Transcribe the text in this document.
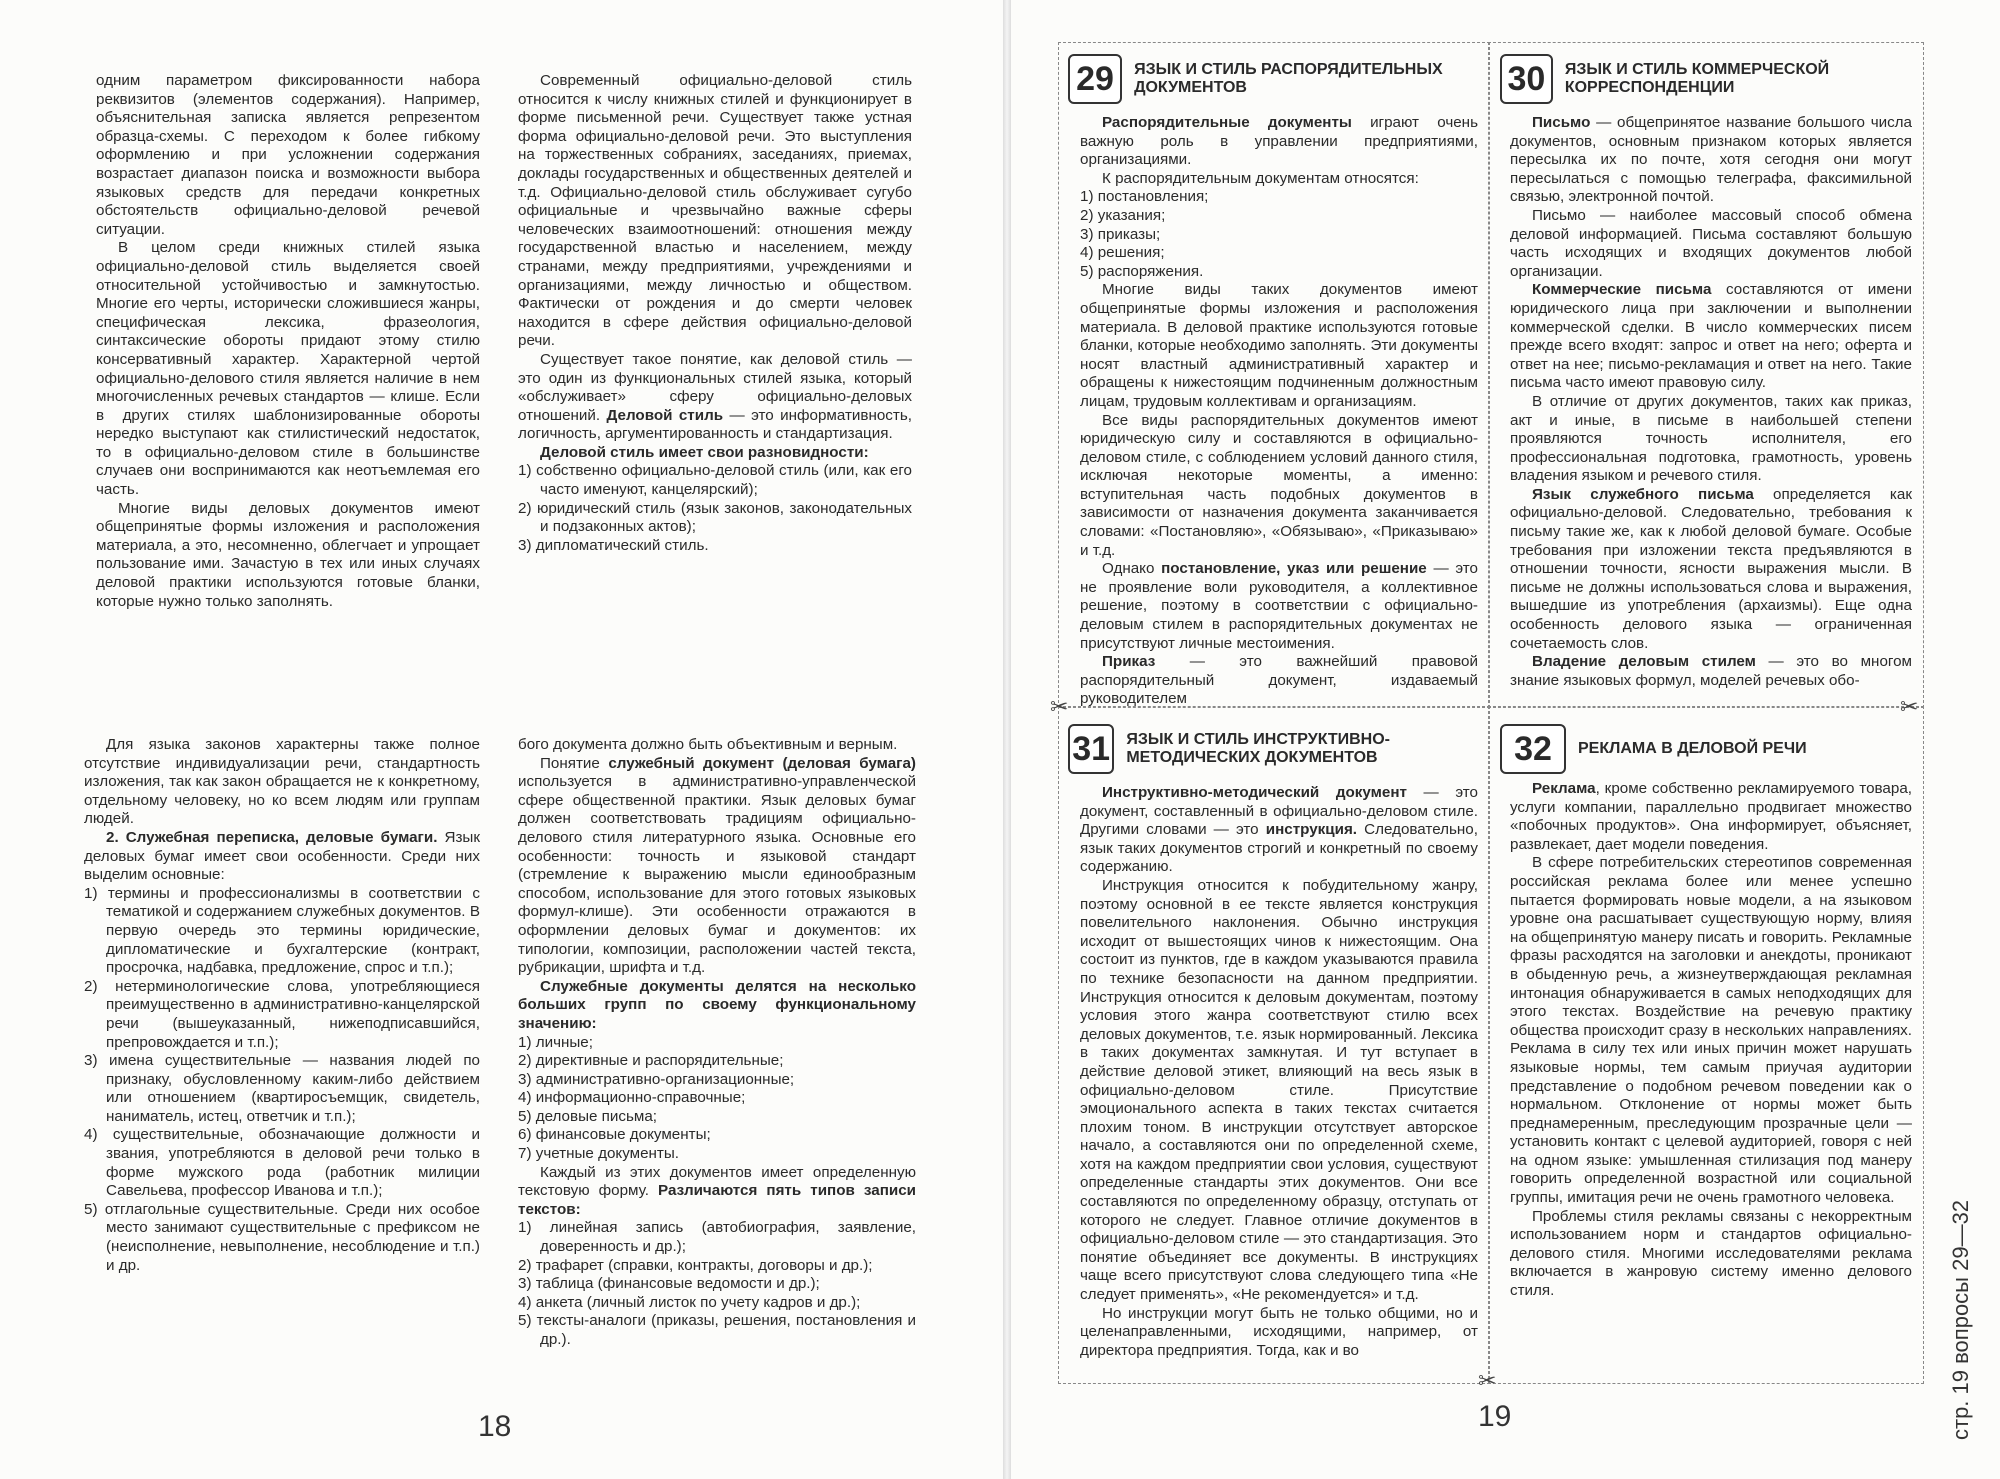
одним параметром фиксированности набора реквизитов (элементов содержания). Например, объяснительная записка является репрезентом образца-схемы. С переходом к более гибкому оформлению и при усложнении содержания возрастает диапазон поиска и возможности выбора языковых средств для передачи конкретных обстоятельств официально-деловой речевой ситуации.

В целом среди книжных стилей языка официально-деловой стиль выделяется своей относительной устойчивостью и замкнутостью. Многие его черты, исторически сложившиеся жанры, специфическая лексика, фразеология, синтаксические обороты придают этому стилю консервативный характер. Характерной чертой официально-делового стиля является наличие в нем многочисленных речевых стандартов — клише. Если в других стилях шаблонизированные обороты нередко выступают как стилистический недостаток, то в официально-деловом стиле в большинстве случаев они воспринимаются как неотъемлемая его часть.

Многие виды деловых документов имеют общепринятые формы изложения и расположения материала, а это, несомненно, облегчает и упрощает пользование ими. Зачастую в тех или иных случаях деловой практики используются готовые бланки, которые нужно только заполнять.

Современный официально-деловой стиль относится к числу книжных стилей и функционирует в форме письменной речи. Существует также устная форма официально-деловой речи. Это выступления на торжественных собраниях, заседаниях, приемах, доклады государственных и общественных деятелей и т.д. Официально-деловой стиль обслуживает сугубо официальные и чрезвычайно важные сферы человеческих взаимоотношений: отношения между государственной властью и населением, между странами, между предприятиями, учреждениями и организациями, между личностью и обществом. Фактически от рождения и до смерти человек находится в сфере действия официально-деловой речи.

Существует такое понятие, как деловой стиль — это один из функциональных стилей языка, который «обслуживает» сферу официально-деловых отношений. Деловой стиль — это информативность, логичность, аргументированность и стандартизация.

Деловой стиль имеет свои разновидности:

1) собственно официально-деловой стиль (или, как его часто именуют, канцелярский);
2) юридический стиль (язык законов, законодательных и подзаконных актов);
3) дипломатический стиль.

Для языка законов характерны также полное отсутствие индивидуализации речи, стандартность изложения, так как закон обращается не к конкретному, отдельному человеку, но ко всем людям или группам людей.

2. Служебная переписка, деловые бумаги. Язык деловых бумаг имеет свои особенности. Среди них выделим основные:

1) термины и профессионализмы в соответствии с тематикой и содержанием служебных документов. В первую очередь это термины юридические, дипломатические и бухгалтерские (контракт, просрочка, надбавка, предложение, спрос и т.п.);
2) нетерминологические слова, употребляющиеся преимущественно в административно-канцелярской речи (вышеуказанный, нижеподписавшийся, препровождается и т.п.);
3) имена существительные — названия людей по признаку, обусловленному каким-либо действием или отношением (квартиросъемщик, свидетель, наниматель, истец, ответчик и т.п.);
4) существительные, обозначающие должности и звания, употребляются в деловой речи только в форме мужского рода (работник милиции Савельева, профессор Иванова и т.п.);
5) отглагольные существительные. Среди них особое место занимают существительные с префиксом не (неисполнение, невыполнение, несоблюдение и т.п.) и др.

бого документа должно быть объективным и верным.

Понятие служебный документ (деловая бумага) используется в административно-управленческой сфере общественной практики. Язык деловых бумаг должен соответствовать традициям официально-делового стиля литературного языка. Основные его особенности: точность и языковой стандарт (стремление к выражению мысли единообразным способом, использование для этого готовых языковых формул-клише). Эти особенности отражаются в оформлении деловых бумаг и документов: их типологии, композиции, расположении частей текста, рубрикации, шрифта и т.д.

Служебные документы делятся на несколько больших групп по своему функциональному значению:

1) личные;
2) директивные и распорядительные;
3) административно-организационные;
4) информационно-справочные;
5) деловые письма;
6) финансовые документы;
7) учетные документы.

Каждый из этих документов имеет определенную текстовую форму. Различаются пять типов записи текстов:

1) линейная запись (автобиография, заявление, доверенность и др.);
2) трафарет (справки, контракты, договоры и др.);
3) таблица (финансовые ведомости и др.);
4) анкета (личный листок по учету кадров и др.);
5) тексты-аналоги (приказы, решения, постановления и др.).
18
29	ЯЗЫК И СТИЛЬ РАСПОРЯДИТЕЛЬНЫХ ДОКУМЕНТОВ

Распорядительные документы играют очень важную роль в управлении предприятиями, организациями.

К распорядительным документам относятся:

1) постановления;
2) указания;
3) приказы;
4) решения;
5) распоряжения.

Многие виды таких документов имеют общепринятые формы изложения и расположения материала. В деловой практике используются готовые бланки, которые необходимо заполнять. Эти документы носят властный административный характер и обращены к нижестоящим подчиненным должностным лицам, трудовым коллективам и организациям.

Все виды распорядительных документов имеют юридическую силу и составляются в официально-деловом стиле, с соблюдением условий данного стиля, исключая некоторые моменты, а именно: вступительная часть подобных документов в зависимости от назначения документа заканчивается словами: «Постановляю», «Обязываю», «Приказываю» и т.д.

Однако постановление, указ или решение — это не проявление воли руководителя, а коллективное решение, поэтому в соответствии с официально-деловым стилем в распорядительных документах не присутствуют личные местоимения.

Приказ — это важнейший правовой распорядительный документ, издаваемый руководителем

30	ЯЗЫК И СТИЛЬ КОММЕРЧЕСКОЙ КОРРЕСПОНДЕНЦИИ

Письмо — общепринятое название большого числа документов, основным признаком которых является пересылка их по почте, хотя сегодня они могут пересылаться с помощью телеграфа, факсимильной связью, электронной почтой.

Письмо — наиболее массовый способ обмена деловой информацией. Письма составляют большую часть исходящих и входящих документов любой организации.

Коммерческие письма составляются от имени юридического лица при заключении и выполнении коммерческой сделки. В число коммерческих писем прежде всего входят: запрос и ответ на него; оферта и ответ на нее; письмо-рекламация и ответ на него. Такие письма часто имеют правовую силу.

В отличие от других документов, таких как приказ, акт и иные, в письме в наибольшей степени проявляются точность исполнителя, его профессиональная подготовка, грамотность, уровень владения языком и речевого стиля.

Язык служебного письма определяется как официально-деловой. Следовательно, требования к письму такие же, как к любой деловой бумаге. Особые требования при изложении текста предъявляются в отношении точности, ясности выражения мысли. В письме не должны использоваться слова и выражения, вышедшие из употребления (архаизмы). Еще одна особенность делового языка — ограниченная сочетаемость слов.

Владение деловым стилем — это во многом знание языковых формул, моделей речевых обо-

31 ЯЗЫК И СТИЛЬ ИНСТРУКТИВНО-МЕТОДИЧЕСКИХ ДОКУМЕНТОВ

Инструктивно-методический документ — это документ, составленный в официально-деловом стиле. Другими словами — это инструкция. Следовательно, язык таких документов строгий и конкретный по своему содержанию.

Инструкция относится к побудительному жанру, поэтому основной в ее тексте является конструкция повелительного наклонения. Обычно инструкция исходит от вышестоящих чинов к нижестоящим. Она состоит из пунктов, где в каждом указываются правила по технике безопасности на данном предприятии. Инструкция относится к деловым документам, поэтому условия этого жанра соответствуют стилю всех деловых документов, т.е. язык нормированный. Лексика в таких документах замкнутая. И тут вступает в действие деловой этикет, влияющий на весь язык в официально-деловом стиле. Присутствие эмоционального аспекта в таких текстах считается плохим тоном. В инструкции отсутствует авторское начало, а составляются они по определенной схеме, хотя на каждом предприятии свои условия, существуют определенные стандарты этих документов. Они все составляются по определенному образцу, отступать от которого не следует. Главное отличие документов в официально-деловом стиле — это стандартизация. Это понятие объединяет все документы. В инструкциях чаще всего присутствуют слова следующего типа «Не следует применять», «Не рекомендуется» и т.д.

Но инструкции могут быть не только общими, но и целенаправленными, исходящими, например, от директора предприятия. Тогда, как и во

32	РЕКЛАМА В ДЕЛОВОЙ РЕЧИ

Реклама, кроме собственно рекламируемого товара, услуги компании, параллельно продвигает множество «побочных продуктов». Она информирует, объясняет, развлекает, дает модели поведения.

В сфере потребительских стереотипов современная российская реклама более или менее успешно пытается формировать новые модели, а на языковом уровне она расшатывает существующую норму, влияя на общепринятую манеру писать и говорить. Рекламные фразы расходятся на заголовки и анекдоты, проникают в обыденную речь, а жизнеутверждающая рекламная интонация обнаруживается в самых неподходящих для этого текстах. Воздействие на речевую практику общества происходит сразу в нескольких направлениях. Реклама в силу тех или иных причин может нарушать языковые нормы, тем самым приучая аудитории представление о подобном речевом поведении как о нормальном. Отклонение от нормы может быть преднамеренным, преследующим прозрачные цели — установить контакт с целевой аудиторией, говоря с ней на одном языке: умышленная стилизация под манеру говорить определенной возрастной или социальной группы, имитация речи не очень грамотного человека.

Проблемы стиля рекламы связаны с некорректным использованием норм и стандартов официально-делового стиля. Многими исследователями реклама включается в жанровую систему именно делового стиля.

✂	✂
✂
19	стр. 19 вопросы 29—32
